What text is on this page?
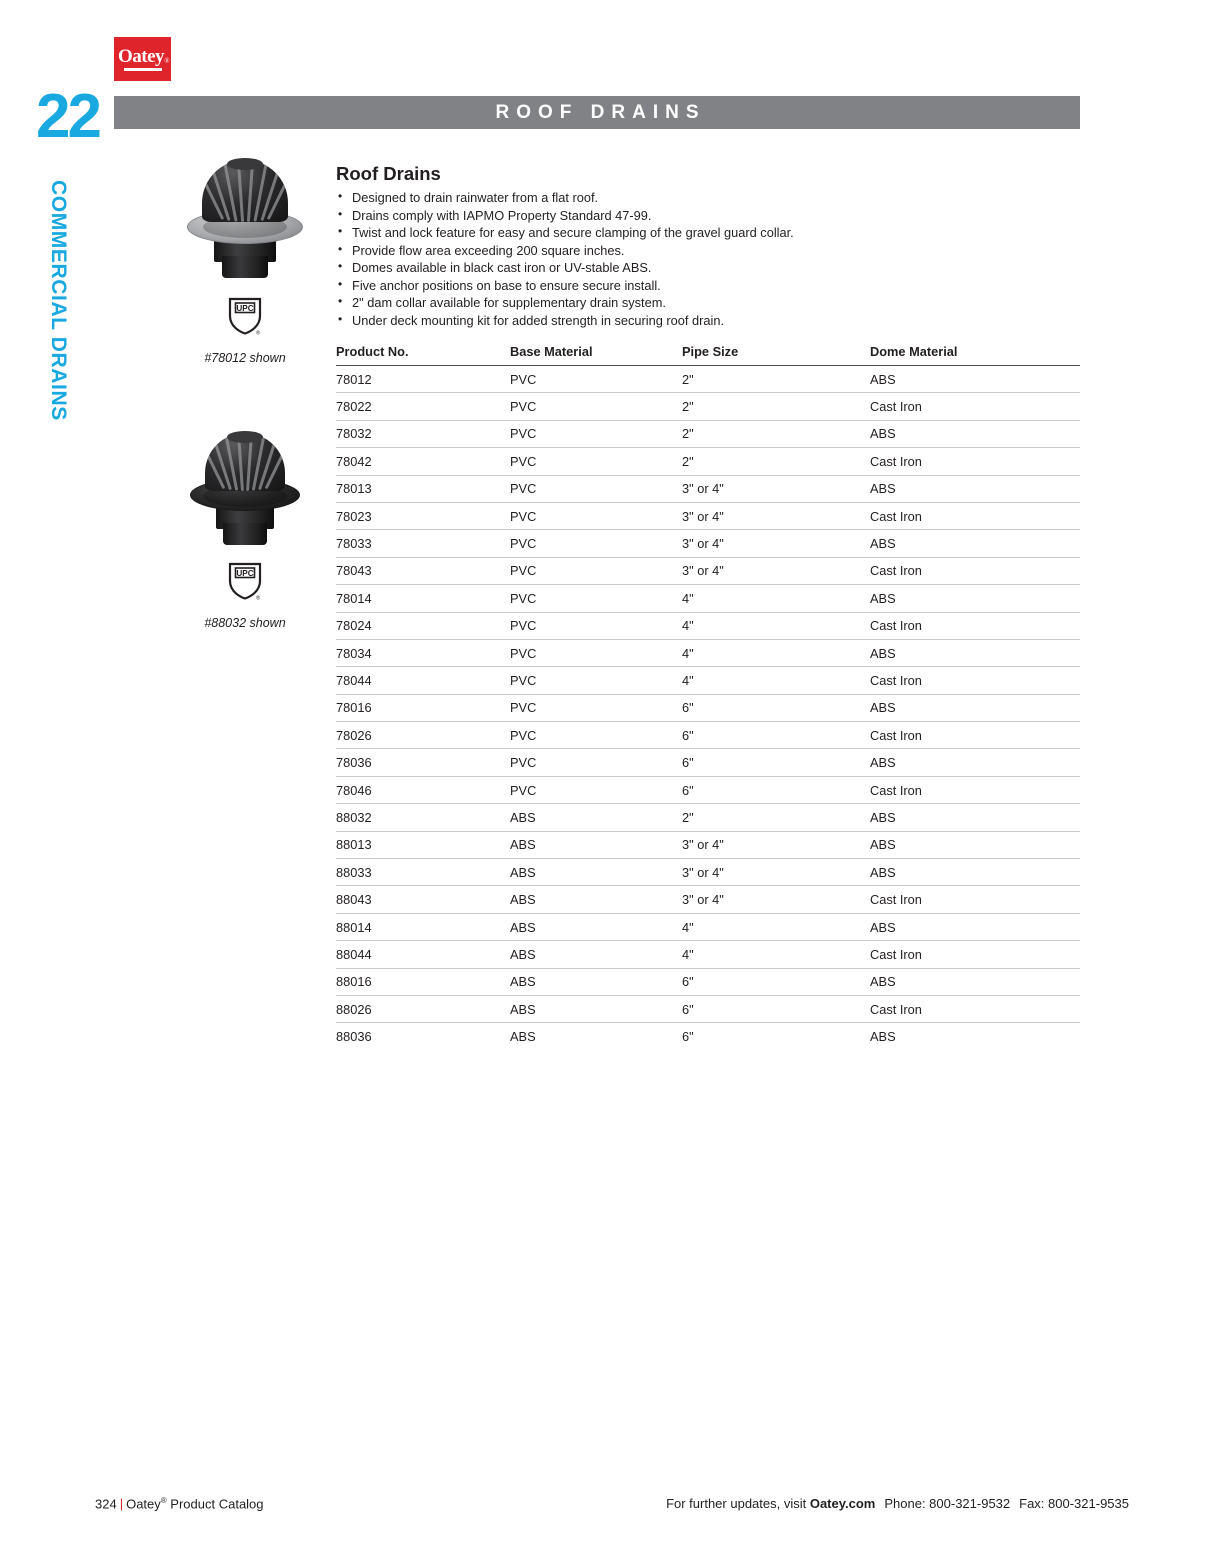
Oatey ®
22
COMMERCIAL DRAINS
ROOF DRAINS
UPC
®
#78012 shown
UPC
®
#88032 shown
Roof Drains
• Designed to drain rainwater from a flat roof.
• Drains comply with IAPMO Property Standard 47-99.
• Twist and lock feature for easy and secure clamping of the gravel guard collar.
• Provide flow area exceeding 200 square inches.
• Domes available in black cast iron or UV-stable ABS.
• Five anchor positions on base to ensure secure install.
• 2" dam collar available for supplementary drain system.
• Under deck mounting kit for added strength in securing roof drain.
Product No.	Base Material	Pipe Size	Dome Material
78012	PVC	2"	ABS
78022	PVC	2"	Cast Iron
78032	PVC	2"	ABS
78042	PVC	2"	Cast Iron
78013	PVC	3" or 4"	ABS
78023	PVC	3" or 4"	Cast Iron
78033	PVC	3" or 4"	ABS
78043	PVC	3" or 4"	Cast Iron
78014	PVC	4"	ABS
78024	PVC	4"	Cast Iron
78034	PVC	4"	ABS
78044	PVC	4"	Cast Iron
78016	PVC	6"	ABS
78026	PVC	6"	Cast Iron
78036	PVC	6"	ABS
78046	PVC	6"	Cast Iron
88032	ABS	2"	ABS
88013	ABS	3" or 4"	ABS
88033	ABS	3" or 4"	ABS
88043	ABS	3" or 4"	Cast Iron
88014	ABS	4"	ABS
88044	ABS	4"	Cast Iron
88016	ABS	6"	ABS
88026	ABS	6"	Cast Iron
88036	ABS	6"	ABS
324 | Oatey® Product Catalog	For further updates, visit Oatey.com Phone: 800-321-9532 Fax: 800-321-9535
